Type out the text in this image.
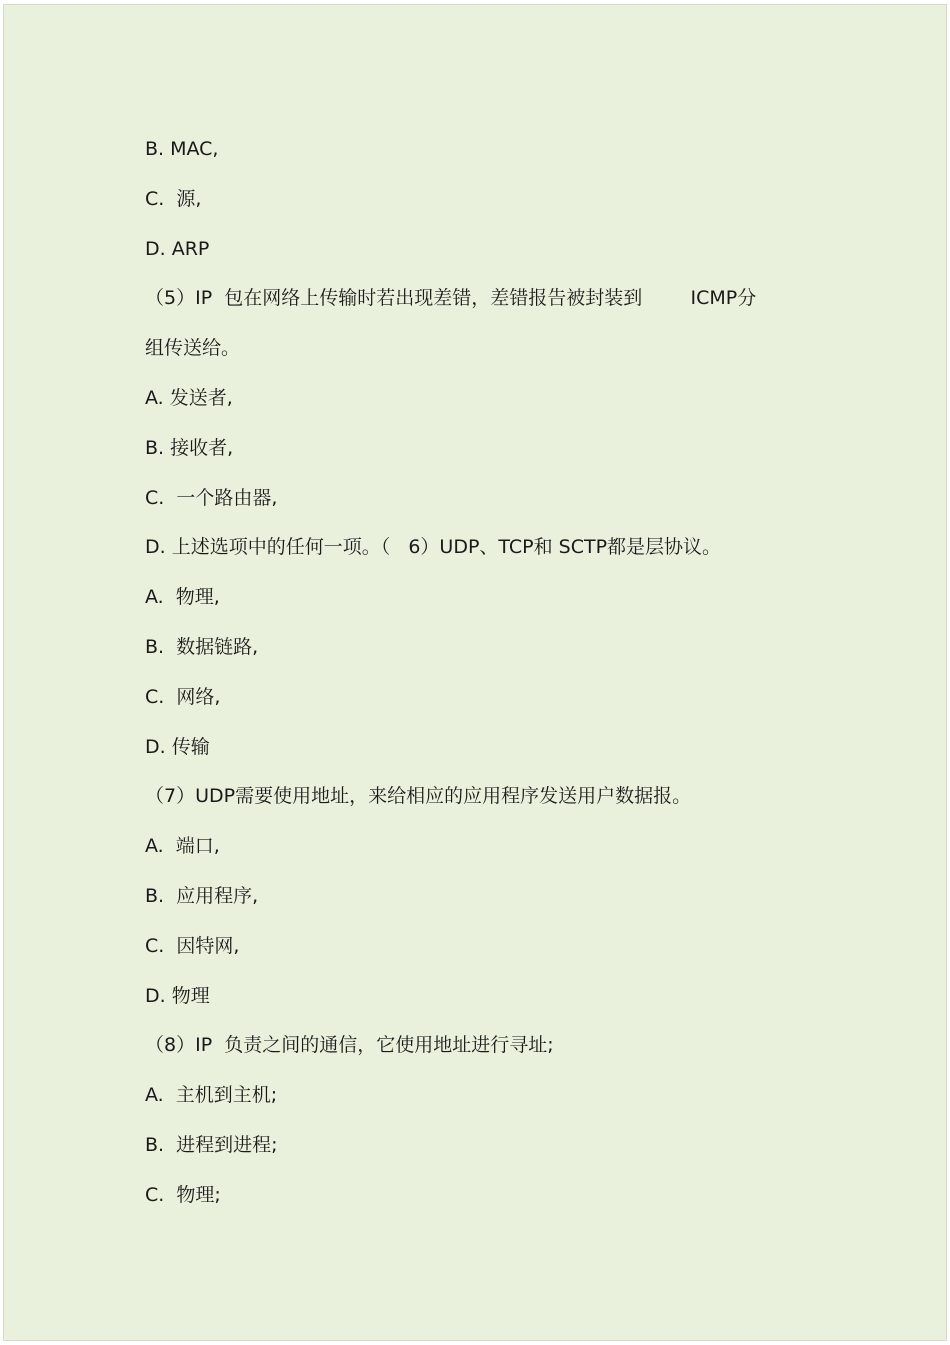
B. MAC,
C.  源,
D. ARP
（5）IP  包在网络上传输时若出现差错，差错报告被封装到        ICMP分
组传送给。
A. 发送者,
B. 接收者,
C.  一个路由器,
D. 上述选项中的任何一项。（   6）UDP、TCP和 SCTP都是层协议。
A.  物理,
B.  数据链路,
C.  网络,
D. 传输
（7）UDP需要使用地址，来给相应的应用程序发送用户数据报。
A.  端口,
B.  应用程序,
C.  因特网,
D. 物理
（8）IP  负责之间的通信，它使用地址进行寻址;
A.  主机到主机;
B.  进程到进程;
C.  物理;
